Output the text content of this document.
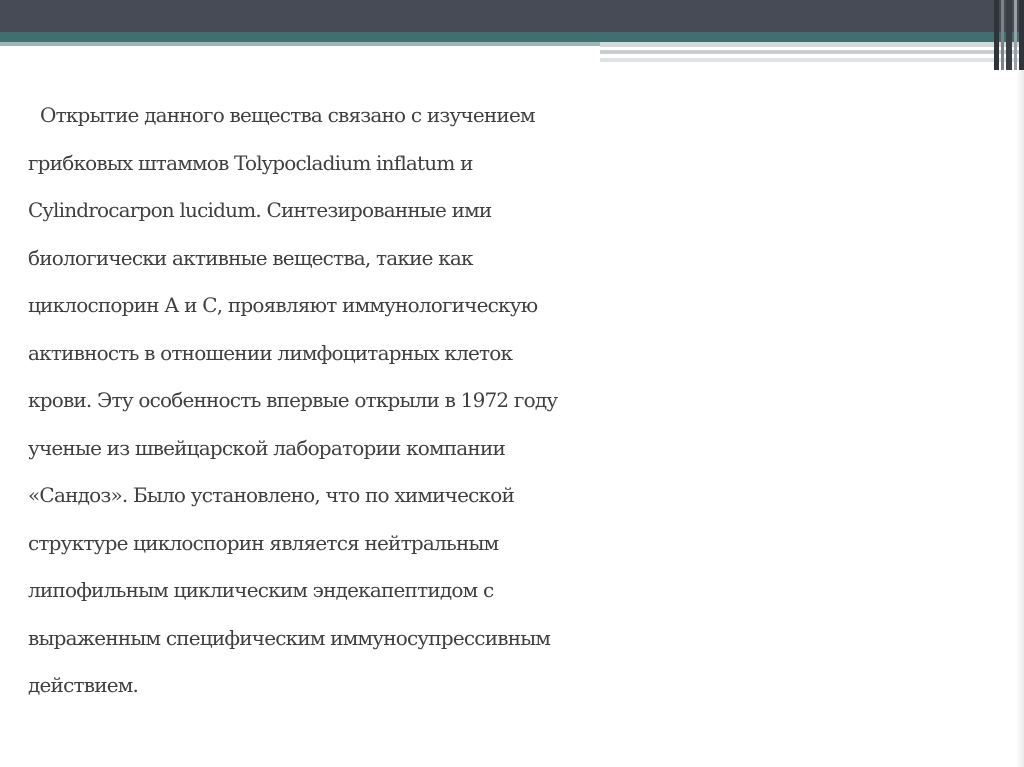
Открытие данного вещества связано с изучением
грибковых штаммов Tolypocladium inflatum и
Cylindrocarpon lucidum. Синтезированные ими
биологически активные вещества, такие как
циклоспорин А и С, проявляют иммунологическую
активность в отношении лимфоцитарных клеток
крови. Эту особенность впервые открыли в 1972 году
ученые из швейцарской лаборатории компании
«Сандоз». Было установлено, что по химической
структуре циклоспорин является нейтральным
липофильным циклическим эндекапептидом с
выраженным специфическим иммуносупрессивным
действием.
